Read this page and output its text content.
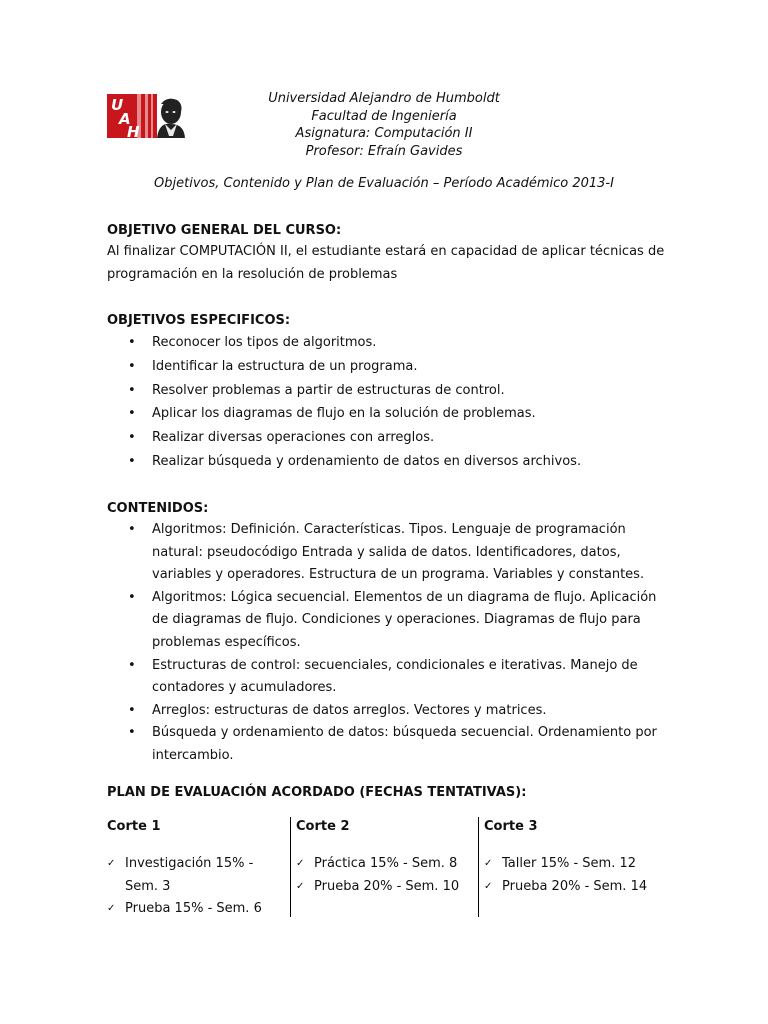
U
A
H
Universidad Alejandro de Humboldt
Facultad de Ingeniería
Asignatura: Computación II
Profesor: Efraín Gavides
Objetivos, Contenido y Plan de Evaluación – Período Académico 2013-I
OBJETIVO GENERAL DEL CURSO:
Al finalizar COMPUTACIÓN II, el estudiante estará en capacidad de aplicar técnicas de programación en la resolución de problemas
OBJETIVOS ESPECIFICOS:
• Reconocer los tipos de algoritmos.
• Identificar la estructura de un programa.
• Resolver problemas a partir de estructuras de control.
• Aplicar los diagramas de flujo en la solución de problemas.
• Realizar diversas operaciones con arreglos.
• Realizar búsqueda y ordenamiento de datos en diversos archivos.
CONTENIDOS:
• Algoritmos: Definición. Características. Tipos. Lenguaje de programación natural: pseudocódigo Entrada y salida de datos. Identificadores, datos, variables y operadores. Estructura de un programa. Variables y constantes.
• Algoritmos: Lógica secuencial. Elementos de un diagrama de flujo. Aplicación de diagramas de flujo. Condiciones y operaciones. Diagramas de flujo para problemas específicos.
• Estructuras de control: secuenciales, condicionales e iterativas. Manejo de contadores y acumuladores.
• Arreglos: estructuras de datos arreglos. Vectores y matrices.
• Búsqueda y ordenamiento de datos: búsqueda secuencial. Ordenamiento por intercambio.
PLAN DE EVALUACIÓN ACORDADO (FECHAS TENTATIVAS):
Corte 1
✓ Investigación 15% - Sem. 3
✓ Prueba 15% - Sem. 6
Corte 2
✓ Práctica 15% - Sem. 8
✓ Prueba 20% - Sem. 10
Corte 3
✓ Taller 15% - Sem. 12
✓ Prueba 20% - Sem. 14
